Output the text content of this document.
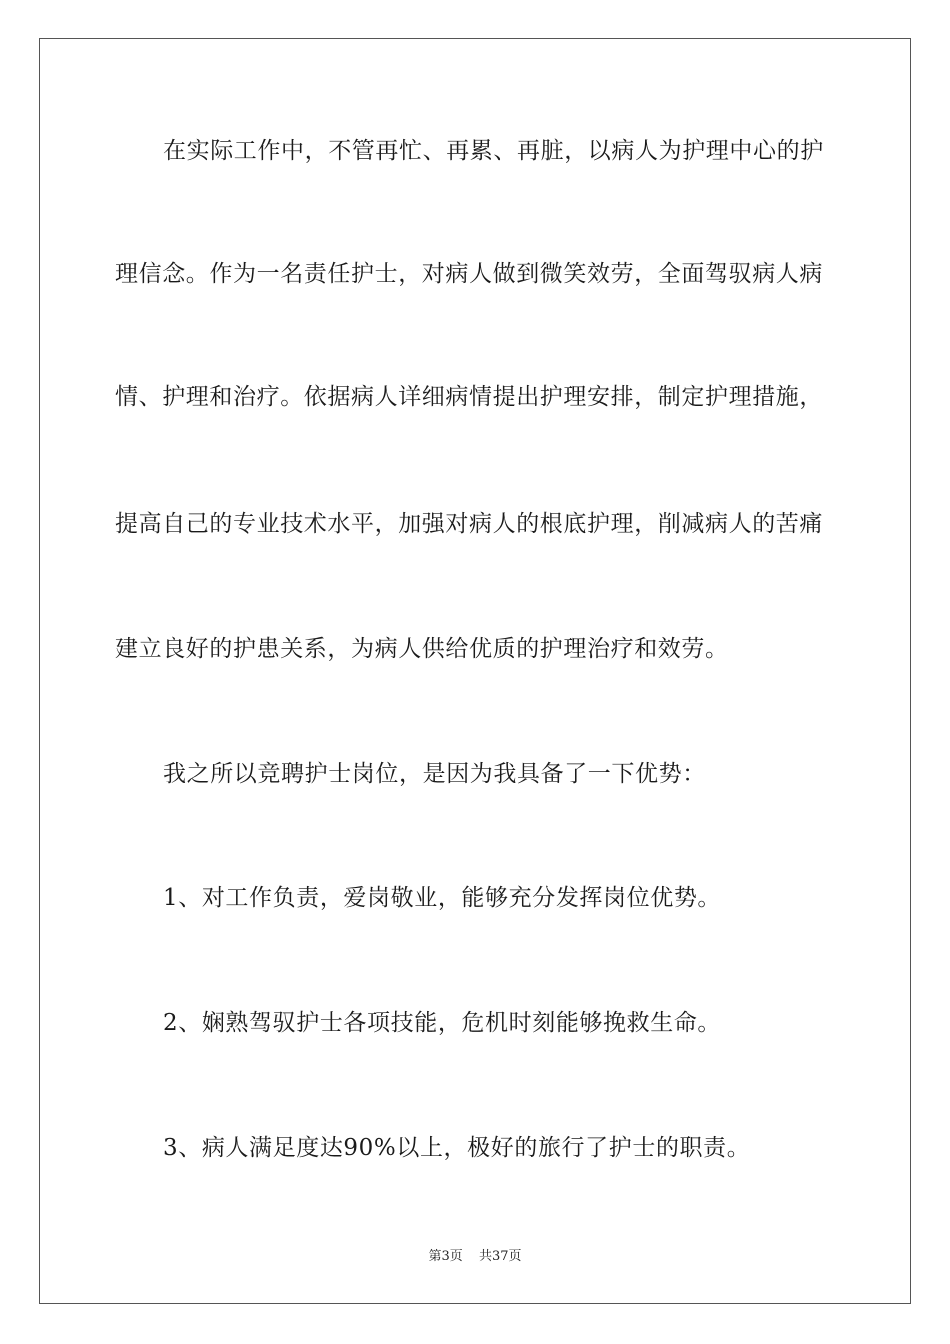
在实际工作中，不管再忙、再累、再脏，以病人为护理中心的护
理信念。作为一名责任护士，对病人做到微笑效劳，全面驾驭病人病
情、护理和治疗。依据病人详细病情提出护理安排，制定护理措施，
提高自己的专业技术水平，加强对病人的根底护理，削减病人的苦痛
建立良好的护患关系，为病人供给优质的护理治疗和效劳。
我之所以竞聘护士岗位，是因为我具备了一下优势：
1、对工作负责，爱岗敬业，能够充分发挥岗位优势。
2、娴熟驾驭护士各项技能，危机时刻能够挽救生命。
3、病人满足度达90%以上，极好的旅行了护士的职责。
第3页 共37页
